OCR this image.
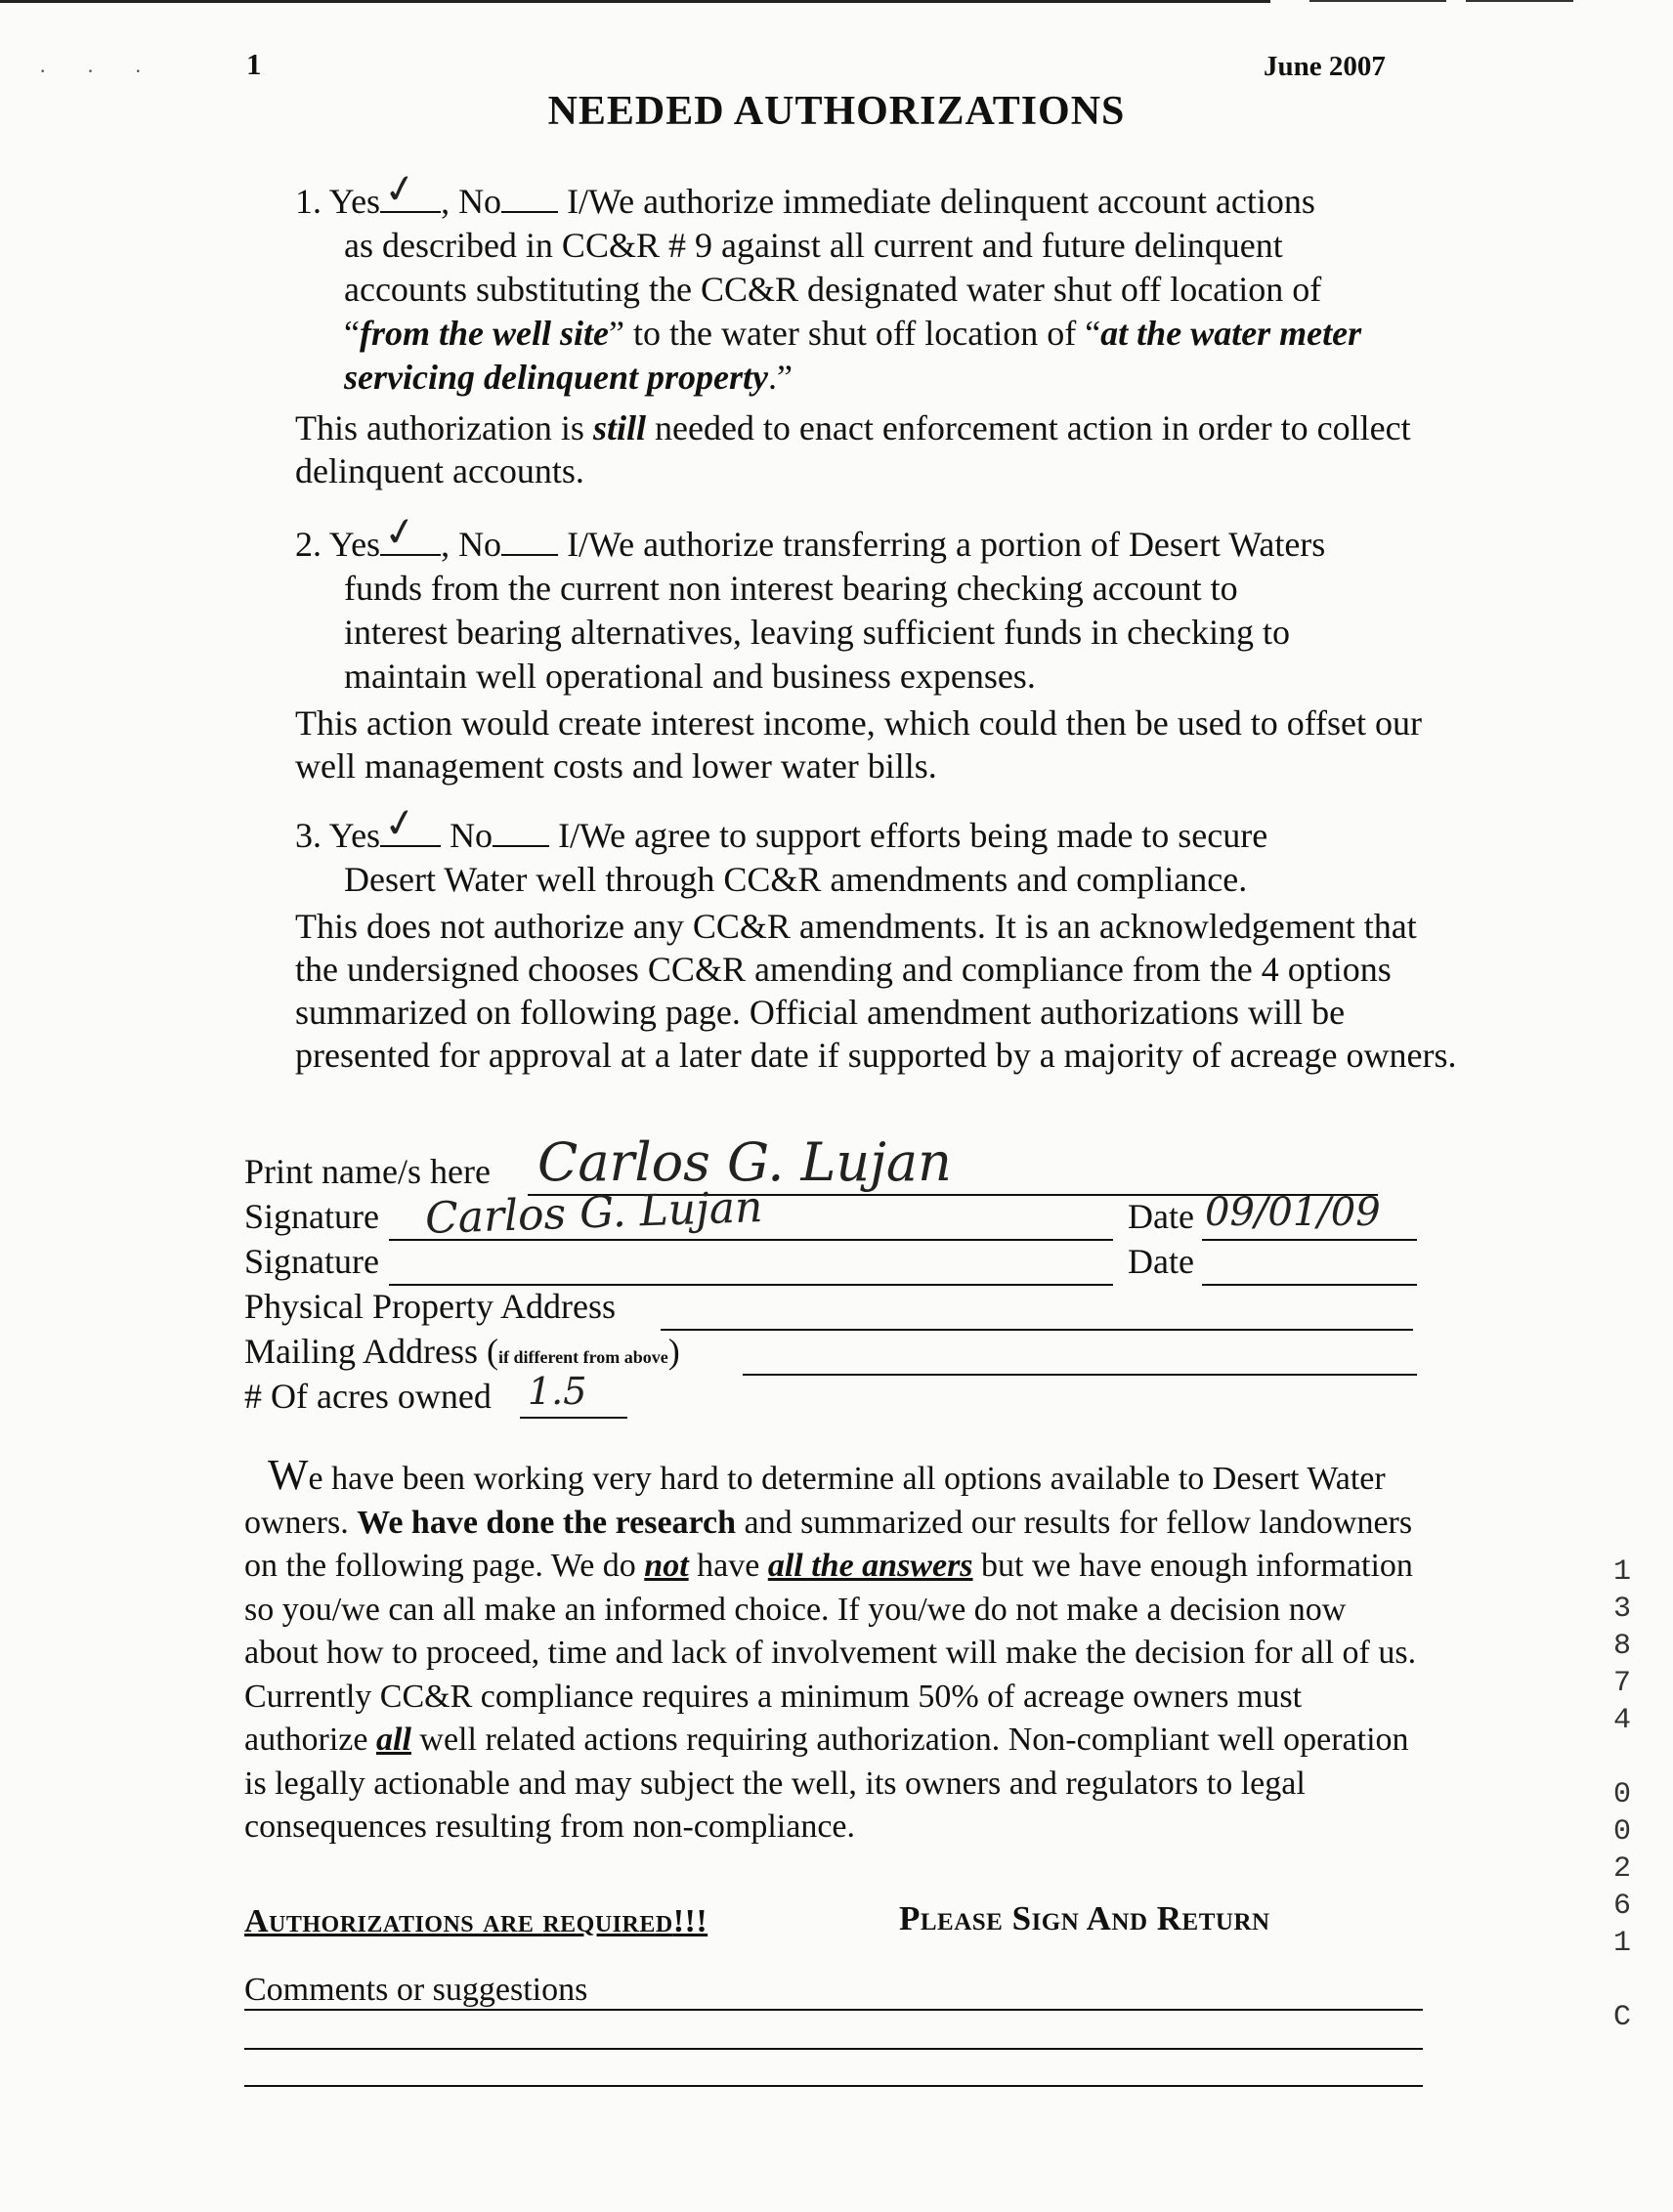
· · ·	1	June 2007
NEEDED AUTHORIZATIONS
1. Yes ✓ , No I/We authorize immediate delinquent account actions
as described in CC&R # 9 against all current and future delinquent
accounts substituting the CC&R designated water shut off location of
“from the well site” to the water shut off location of “at the water meter servicing delinquent property.”
This authorization is still needed to enact enforcement action in order to collect delinquent accounts.
2. Yes ✓ , No I/We authorize transferring a portion of Desert Waters
funds from the current non interest bearing checking account to
interest bearing alternatives, leaving sufficient funds in checking to
maintain well operational and business expenses.
This action would create interest income, which could then be used to offset our well management costs and lower water bills.
3. Yes ✓ No I/We agree to support efforts being made to secure
Desert Water well through CC&R amendments and compliance.
This does not authorize any CC&R amendments. It is an acknowledgement that the undersigned chooses CC&R amending and compliance from the 4 options summarized on following page. Official amendment authorizations will be presented for approval at a later date if supported by a majority of acreage owners.
Print name/s here Carlos G. Lujan
Signature Carlos G. Lujan	Date 09/01/09
Signature	Date
Physical Property Address
Mailing Address (if different from above)
# Of acres owned 1.5
We have been working very hard to determine all options available to Desert Water owners. We have done the research and summarized our results for fellow landowners on the following page. We do not have all the answers but we have enough information so you/we can all make an informed choice. If you/we do not make a decision now about how to proceed, time and lack of involvement will make the decision for all of us. Currently CC&R compliance requires a minimum 50% of acreage owners must authorize all well related actions requiring authorization. Non-compliant well operation is legally actionable and may subject the well, its owners and regulators to legal consequences resulting from non-compliance.
Authorizations are required!!!	Please Sign And Return
Comments or suggestions
1
3
8
7
4

0
0
2
6
1

C
